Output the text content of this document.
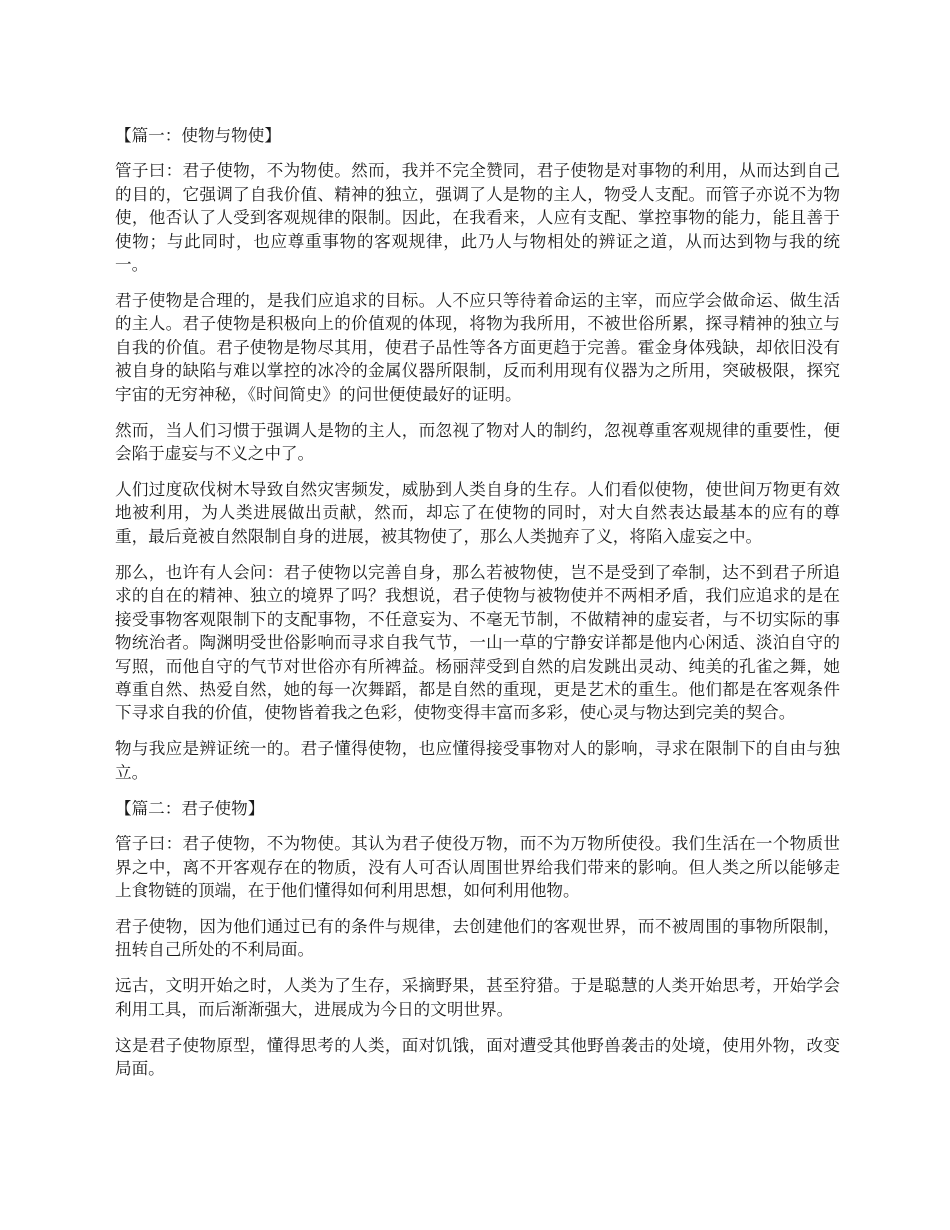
【篇一：使物与物使】

管子曰：君子使物，不为物使。然而，我并不完全赞同，君子使物是对事物的利用，从而达到自己的目的，它强调了自我价值、精神的独立，强调了人是物的主人，物受人支配。而管子亦说不为物使，他否认了人受到客观规律的限制。因此，在我看来，人应有支配、掌控事物的能力，能且善于使物；与此同时，也应尊重事物的客观规律，此乃人与物相处的辨证之道，从而达到物与我的统一。

君子使物是合理的，是我们应追求的目标。人不应只等待着命运的主宰，而应学会做命运、做生活的主人。君子使物是积极向上的价值观的体现，将物为我所用，不被世俗所累，探寻精神的独立与自我的价值。君子使物是物尽其用，使君子品性等各方面更趋于完善。霍金身体残缺，却依旧没有被自身的缺陷与难以掌控的冰冷的金属仪器所限制，反而利用现有仪器为之所用，突破极限，探究宇宙的无穷神秘，《时间简史》的问世便使最好的证明。

然而，当人们习惯于强调人是物的主人，而忽视了物对人的制约，忽视尊重客观规律的重要性，便会陷于虚妄与不义之中了。

人们过度砍伐树木导致自然灾害频发，威胁到人类自身的生存。人们看似使物，使世间万物更有效地被利用，为人类进展做出贡献，然而，却忘了在使物的同时，对大自然表达最基本的应有的尊重，最后竟被自然限制自身的进展，被其物使了，那么人类抛弃了义，将陷入虚妄之中。

那么，也许有人会问：君子使物以完善自身，那么若被物使，岂不是受到了牵制，达不到君子所追求的自在的精神、独立的境界了吗？我想说，君子使物与被物使并不两相矛盾，我们应追求的是在接受事物客观限制下的支配事物，不任意妄为、不毫无节制，不做精神的虚妄者，与不切实际的事物统治者。陶渊明受世俗影响而寻求自我气节，一山一草的宁静安详都是他内心闲适、淡泊自守的写照，而他自守的气节对世俗亦有所裨益。杨丽萍受到自然的启发跳出灵动、纯美的孔雀之舞，她尊重自然、热爱自然，她的每一次舞蹈，都是自然的重现，更是艺术的重生。他们都是在客观条件下寻求自我的价值，使物皆着我之色彩，使物变得丰富而多彩，使心灵与物达到完美的契合。

物与我应是辨证统一的。君子懂得使物，也应懂得接受事物对人的影响，寻求在限制下的自由与独立。

【篇二：君子使物】

管子曰：君子使物，不为物使。其认为君子使役万物，而不为万物所使役。我们生活在一个物质世界之中，离不开客观存在的物质，没有人可否认周围世界给我们带来的影响。但人类之所以能够走上食物链的顶端，在于他们懂得如何利用思想，如何利用他物。

君子使物，因为他们通过已有的条件与规律，去创建他们的客观世界，而不被周围的事物所限制，扭转自己所处的不利局面。

远古，文明开始之时，人类为了生存，采摘野果，甚至狩猎。于是聪慧的人类开始思考，开始学会利用工具，而后渐渐强大，进展成为今日的文明世界。

这是君子使物原型，懂得思考的人类，面对饥饿，面对遭受其他野兽袭击的处境，使用外物，改变局面。
